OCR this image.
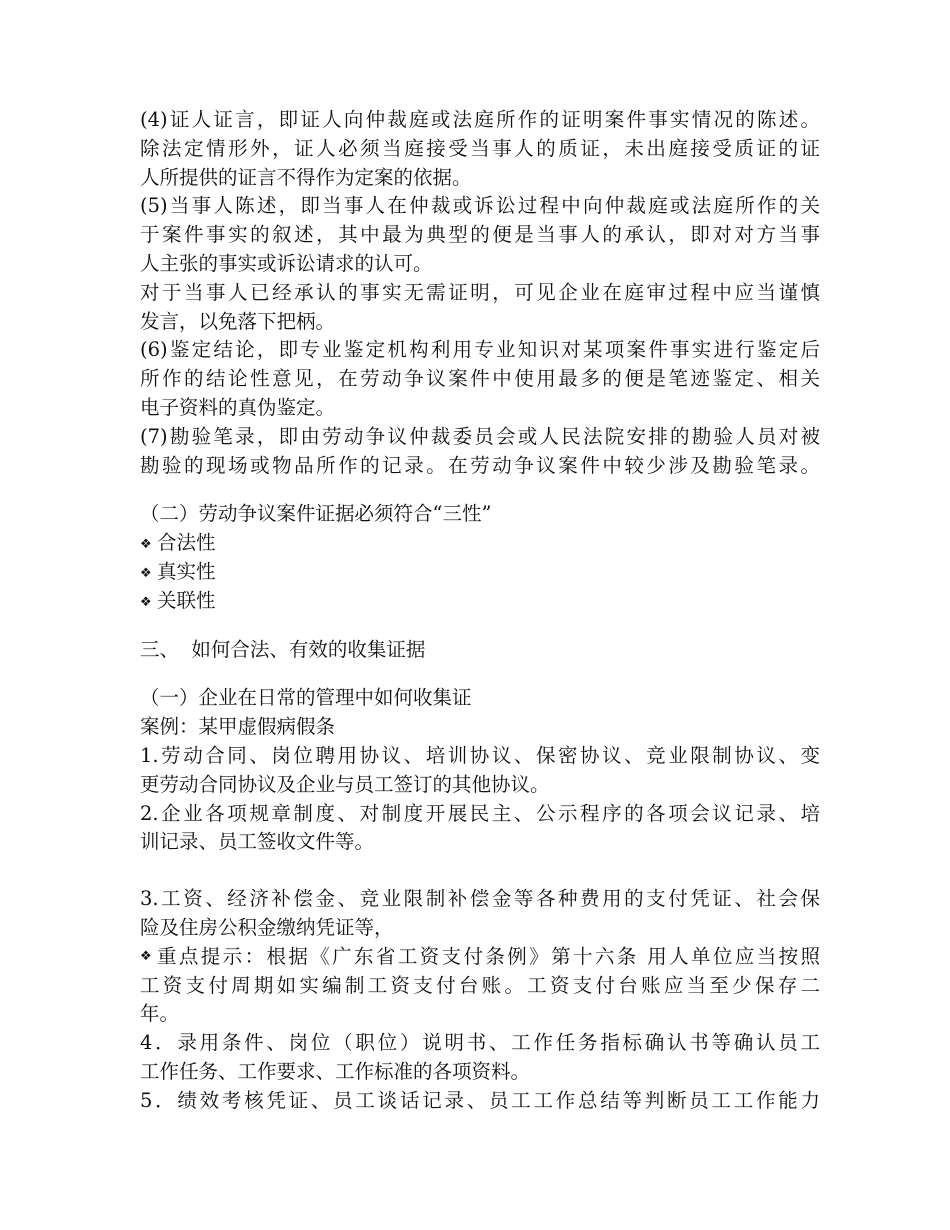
(4)证人证言，即证人向仲裁庭或法庭所作的证明案件事实情况的陈述。
除法定情形外，证人必须当庭接受当事人的质证，未出庭接受质证的证
人所提供的证言不得作为定案的依据。
(5)当事人陈述，即当事人在仲裁或诉讼过程中向仲裁庭或法庭所作的关
于案件事实的叙述，其中最为典型的便是当事人的承认，即对对方当事
人主张的事实或诉讼请求的认可。
对于当事人已经承认的事实无需证明，可见企业在庭审过程中应当谨慎
发言，以免落下把柄。
(6)鉴定结论，即专业鉴定机构利用专业知识对某项案件事实进行鉴定后
所作的结论性意见，在劳动争议案件中使用最多的便是笔迹鉴定、相关
电子资料的真伪鉴定。
(7)勘验笔录，即由劳动争议仲裁委员会或人民法院安排的勘验人员对被
勘验的现场或物品所作的记录。在劳动争议案件中较少涉及勘验笔录。
（二）劳动争议案件证据必须符合“三性”
❖ 合法性
❖ 真实性
❖ 关联性
三、  如何合法、有效的收集证据
（一）企业在日常的管理中如何收集证
案例：某甲虚假病假条
1.劳动合同、岗位聘用协议、培训协议、保密协议、竞业限制协议、变
更劳动合同协议及企业与员工签订的其他协议。
2.企业各项规章制度、对制度开展民主、公示程序的各项会议记录、培
训记录、员工签收文件等。
3.工资、经济补偿金、竞业限制补偿金等各种费用的支付凭证、社会保
险及住房公积金缴纳凭证等，
❖ 重点提示：根据《广东省工资支付条例》第十六条 用人单位应当按照
工资支付周期如实编制工资支付台账。工资支付台账应当至少保存二
年。
4．录用条件、岗位（职位）说明书、工作任务指标确认书等确认员工
工作任务、工作要求、工作标准的各项资料。
5．绩效考核凭证、员工谈话记录、员工工作总结等判断员工工作能力
